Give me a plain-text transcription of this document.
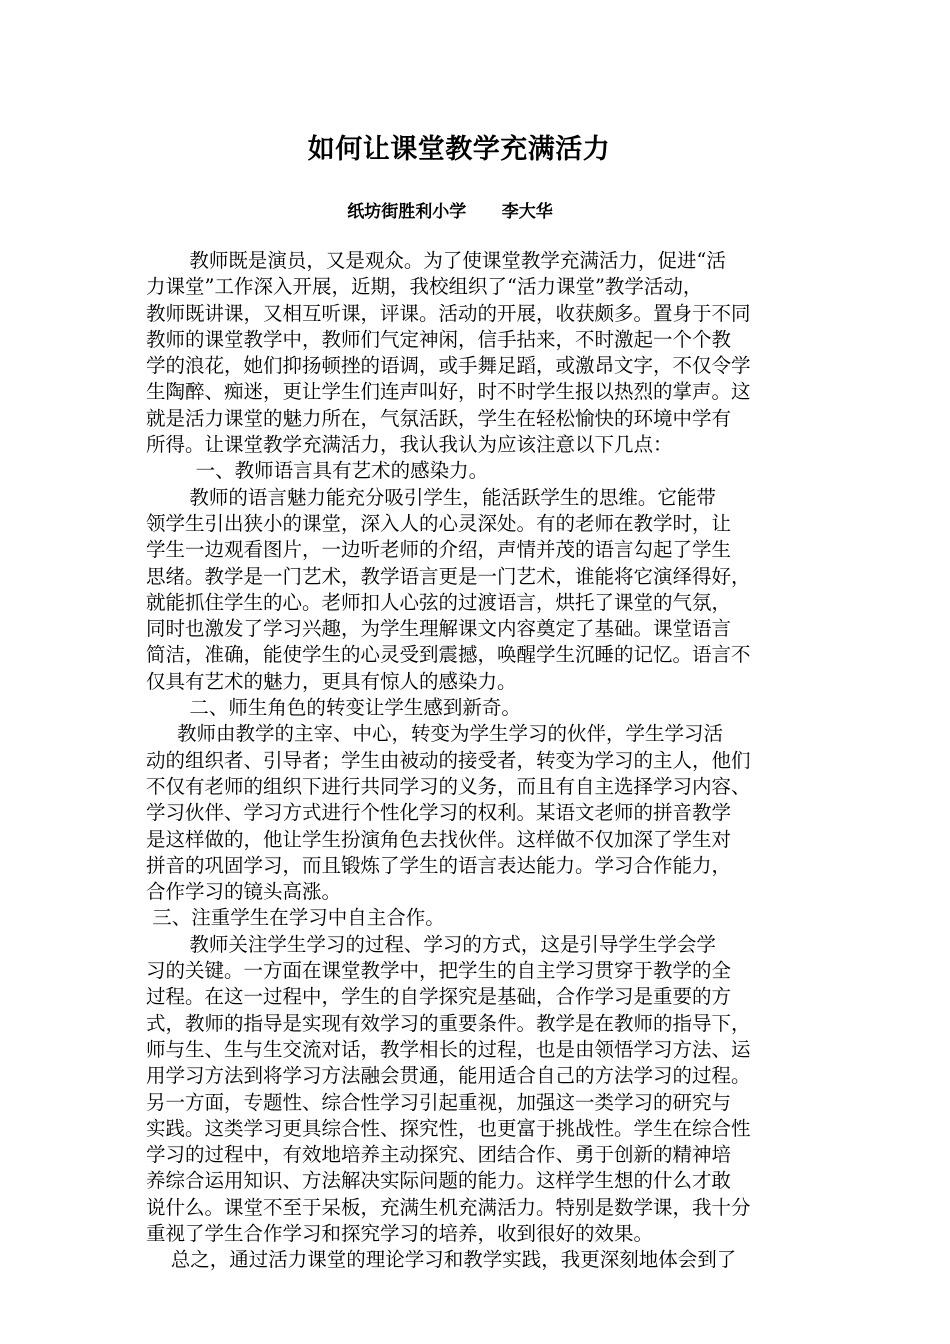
如何让课堂教学充满活力
纸坊街胜利小学      李大华

教师既是演员，又是观众。为了使课堂教学充满活力，促进“活

力课堂”工作深入开展，近期，我校组织了“活力课堂”教学活动，

教师既讲课，又相互听课，评课。活动的开展，收获颇多。置身于不同

教师的课堂教学中，教师们气定神闲，信手拈来，不时激起一个个教

学的浪花，她们抑扬顿挫的语调，或手舞足蹈，或激昂文字，不仅令学

生陶醉、痴迷，更让学生们连声叫好，时不时学生报以热烈的掌声。这

就是活力课堂的魅力所在，气氛活跃，学生在轻松愉快的环境中学有

所得。让课堂教学充满活力，我认我认为应该注意以下几点：

一、教师语言具有艺术的感染力。

教师的语言魅力能充分吸引学生，能活跃学生的思维。它能带

领学生引出狭小的课堂，深入人的心灵深处。有的老师在教学时，让

学生一边观看图片，一边听老师的介绍，声情并茂的语言勾起了学生

思绪。教学是一门艺术，教学语言更是一门艺术，谁能将它演绎得好，

就能抓住学生的心。老师扣人心弦的过渡语言，烘托了课堂的气氛，

同时也激发了学习兴趣，为学生理解课文内容奠定了基础。课堂语言

简洁，准确，能使学生的心灵受到震撼，唤醒学生沉睡的记忆。语言不

仅具有艺术的魅力，更具有惊人的感染力。

二、师生角色的转变让学生感到新奇。

教师由教学的主宰、中心，转变为学生学习的伙伴，学生学习活

动的组织者、引导者；学生由被动的接受者，转变为学习的主人，他们

不仅有老师的组织下进行共同学习的义务，而且有自主选择学习内容、

学习伙伴、学习方式进行个性化学习的权利。某语文老师的拼音教学

是这样做的，他让学生扮演角色去找伙伴。这样做不仅加深了学生对

拼音的巩固学习，而且锻炼了学生的语言表达能力。学习合作能力，

合作学习的镜头高涨。

三、注重学生在学习中自主合作。

教师关注学生学习的过程、学习的方式，这是引导学生学会学

习的关键。一方面在课堂教学中，把学生的自主学习贯穿于教学的全

过程。在这一过程中，学生的自学探究是基础，合作学习是重要的方

式，教师的指导是实现有效学习的重要条件。教学是在教师的指导下，

师与生、生与生交流对话，教学相长的过程，也是由领悟学习方法、运

用学习方法到将学习方法融会贯通，能用适合自己的方法学习的过程。

另一方面，专题性、综合性学习引起重视，加强这一类学习的研究与

实践。这类学习更具综合性、探究性，也更富于挑战性。学生在综合性

学习的过程中，有效地培养主动探究、团结合作、勇于创新的精神培

养综合运用知识、方法解决实际问题的能力。这样学生想的什么才敢

说什么。课堂不至于呆板，充满生机充满活力。特别是数学课，我十分

重视了学生合作学习和探究学习的培养，收到很好的效果。

总之，通过活力课堂的理论学习和教学实践，我更深刻地体会到了
